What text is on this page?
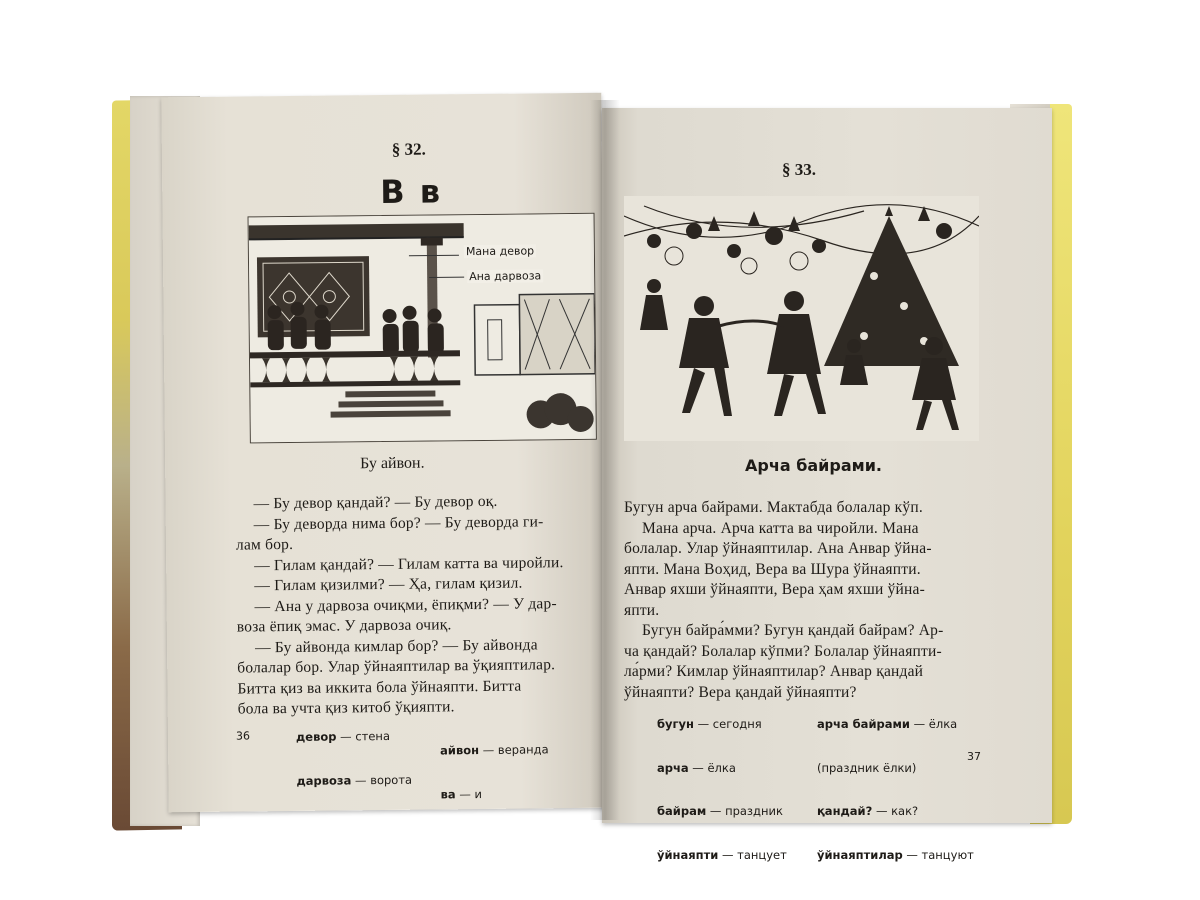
§ 32.
В в
Мана девор
Ана дарвоза
Бу айвон.
— Бу девор қандай? — Бу девор оқ.
— Бу деворда нима бор? — Бу деворда ги-
лам бор.
— Гилам қандай? — Гилам катта ва чиройли.
— Гилам қизилми? — Ҳа, гилам қизил.
— Ана у дарвоза очиқми, ёпиқми? — У дар-
воза ёпиқ эмас. У дарвоза очиқ.
— Бу айвонда кимлар бор? — Бу айвонда
болалар бор. Улар ўйнаяптилар ва ўқияптилар.
Битта қиз ва иккита бола ўйнаяпти. Битта
бола ва учта қиз китоб ўқияпти.

девор — стена

дарвоза — ворота

айвон — веранда

ва — и

36
§ 33.
Арча байрами.
Бугун арча байрами. Мактабда болалар кўп.
Мана арча. Арча катта ва чиройли. Мана
болалар. Улар ўйнаяптилар. Ана Анвар ўйна-
япти. Мана Воҳид, Вера ва Шура ўйнаяпти.
Анвар яхши ўйнаяпти, Вера ҳам яхши ўйна-
япти.
Бугун байра́мми? Бугун қандай байрам? Ар-
ча қандай? Болалар кўпми? Болалар ўйнаяпти-
ла́рми? Кимлар ўйнаяптилар? Анвар қандай
ўйнаяпти? Вера қандай ўйнаяпти?

бугун — сегодня

арча — ёлка

байрам — праздник

ўйнаяпти — танцует

арча байрами — ёлка

(праздник ёлки)

қандай? — как?

ўйнаяптилар — танцуют

37
